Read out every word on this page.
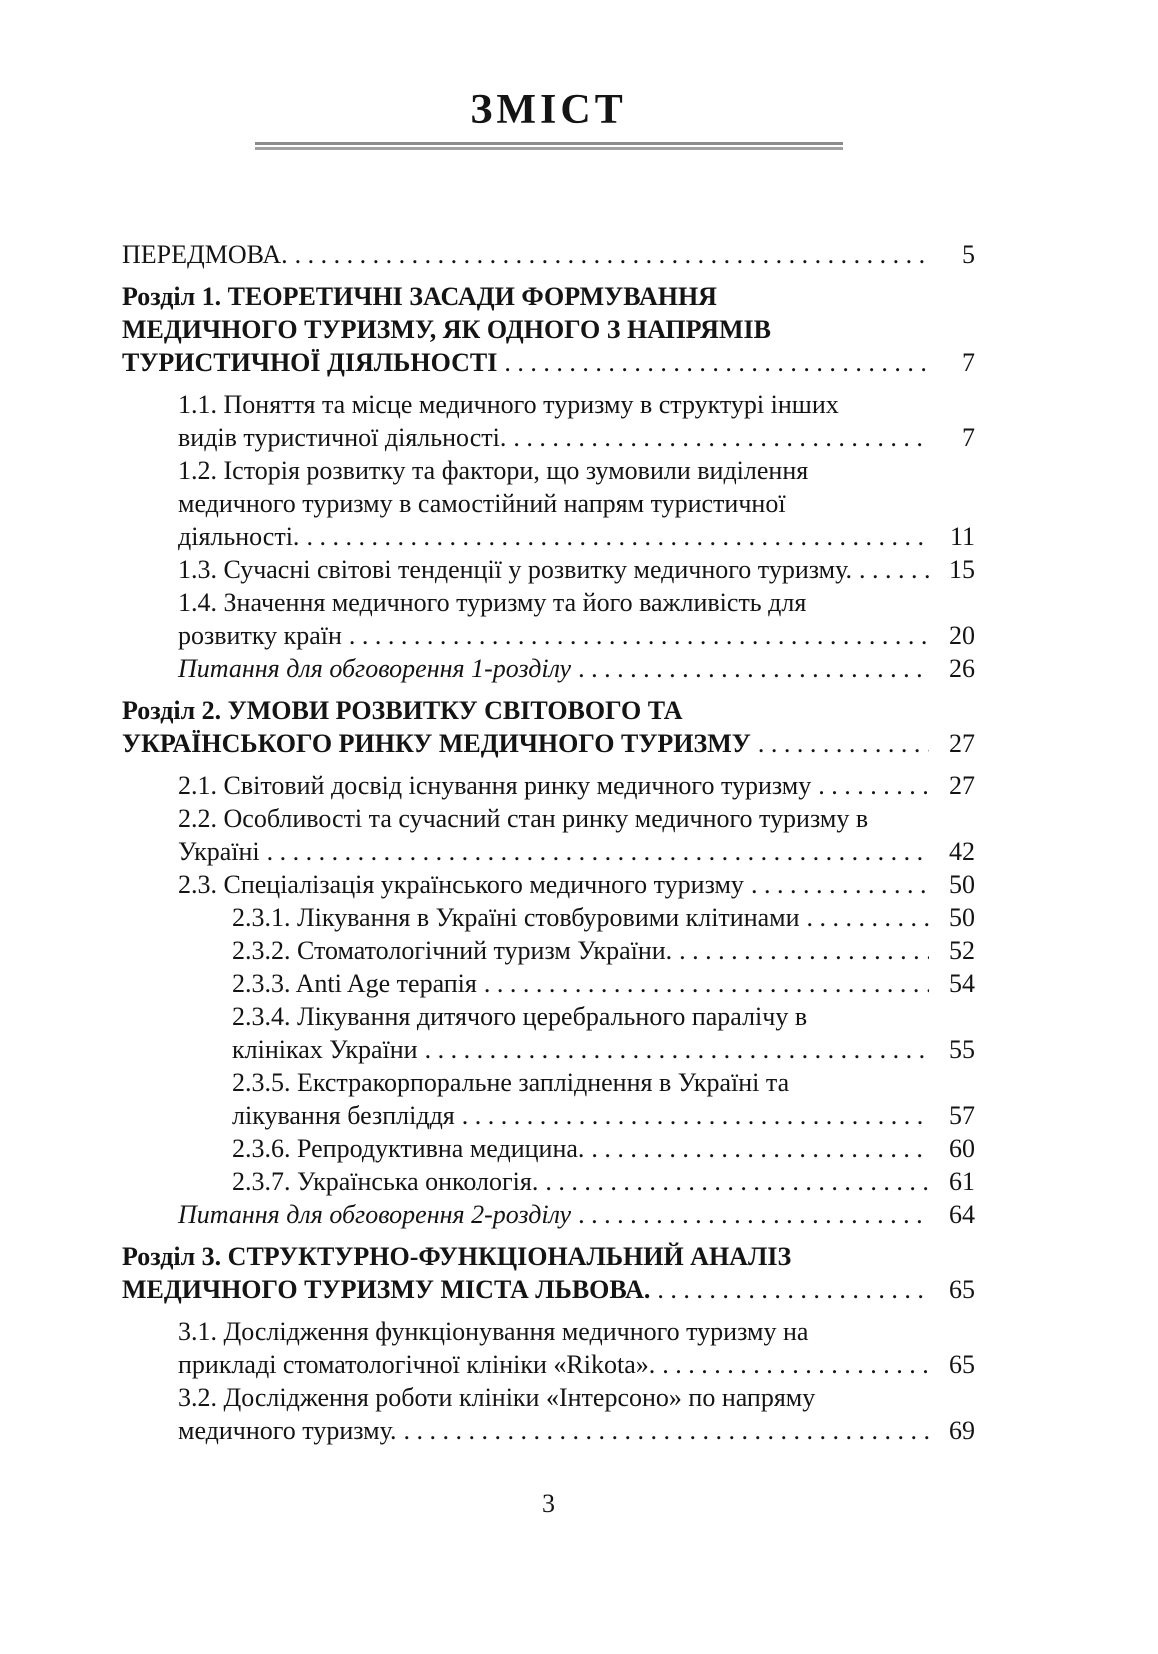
ЗМІСТ
ПЕРЕДМОВА. . . .	5
Розділ 1. ТЕОРЕТИЧНІ ЗАСАДИ ФОРМУВАННЯ
МЕДИЧНОГО ТУРИЗМУ, ЯК ОДНОГО З НАПРЯМІВ
ТУРИСТИЧНОЇ ДІЯЛЬНОСТІ . . .	7
1.1. Поняття та місце медичного туризму в структурі інших
видів туристичної діяльності. . . .	7
1.2. Історія розвитку та фактори, що зумовили виділення
медичного туризму в самостійний напрям туристичної
діяльності. . . .	11
1.3. Сучасні світові тенденції у розвитку медичного туризму. . . .	15
1.4. Значення медичного туризму та його важливість для
розвитку країн . . .	20
Питання для обговорення 1-розділу . . .	26
Розділ 2. УМОВИ РОЗВИТКУ СВІТОВОГО ТА
УКРАЇНСЬКОГО РИНКУ МЕДИЧНОГО ТУРИЗМУ . . .	27
2.1. Світовий досвід існування ринку медичного туризму . . .	27
2.2. Особливості та сучасний стан ринку медичного туризму в
Україні . . .	42
2.3. Спеціалізація українського медичного туризму . . .	50
2.3.1. Лікування в Україні стовбуровими клітинами . . .	50
2.3.2. Стоматологічний туризм України. . . .	52
2.3.3. Anti Age терапія . . .	54
2.3.4. Лікування дитячого церебрального паралічу в
клініках України . . .	55
2.3.5. Екстракорпоральне запліднення в Україні та
лікування безпліддя . . .	57
2.3.6. Репродуктивна медицина. . . .	60
2.3.7. Українська онкологія. . . .	61
Питання для обговорення 2-розділу . . .	64
Розділ 3. СТРУКТУРНО-ФУНКЦІОНАЛЬНИЙ АНАЛІЗ
МЕДИЧНОГО ТУРИЗМУ МІСТА ЛЬВОВА. . . .	65
3.1. Дослідження функціонування медичного туризму на
прикладі стоматологічної клініки «Rikota». . . .	65
3.2. Дослідження роботи клініки «Інтерсоно» по напряму
медичного туризму. . . .	69
3
